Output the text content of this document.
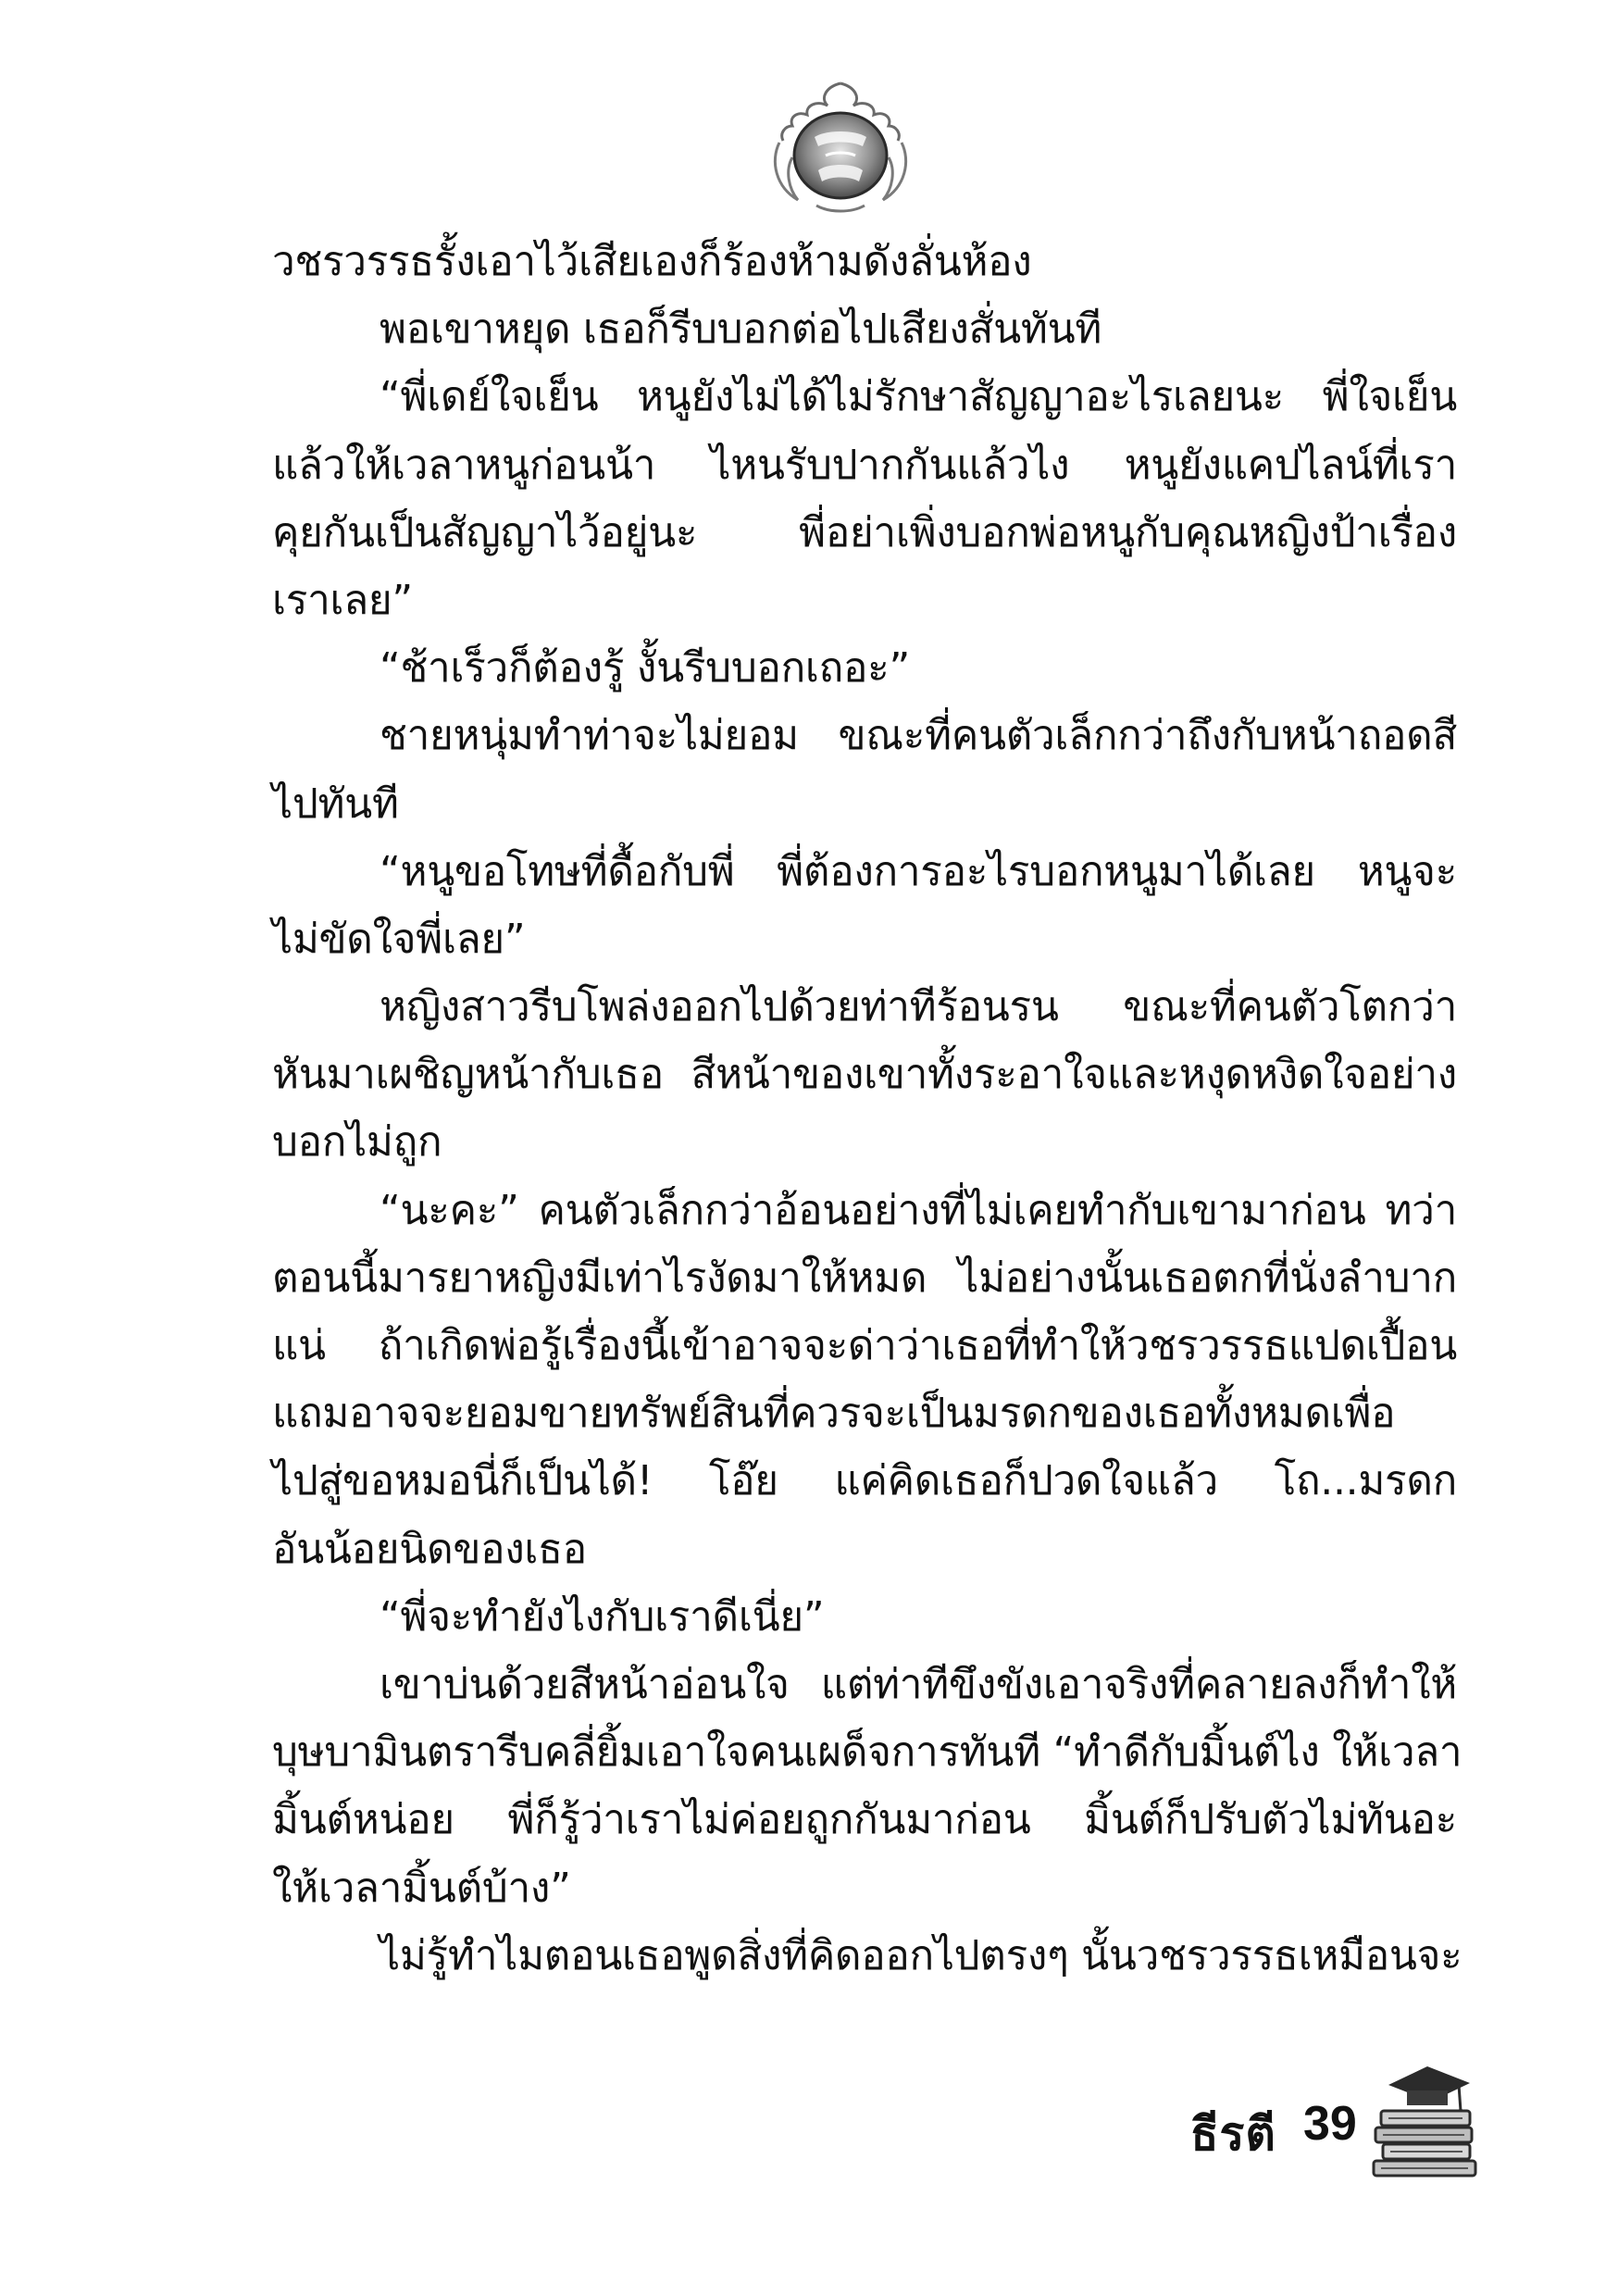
วชรวรรธรั้งเอาไว้เสียเองก็ร้องห้ามดังลั่นห้อง
พอเขาหยุด เธอก็รีบบอกต่อไปเสียงสั่นทันที
“พี่เดย์ใจเย็น หนูยังไม่ได้ไม่รักษาสัญญาอะไรเลยนะ พี่ใจเย็น
แล้วให้เวลาหนูก่อนน้า ไหนรับปากกันแล้วไง หนูยังแคปไลน์ที่เรา
คุยกันเป็นสัญญาไว้อยู่นะ พี่อย่าเพิ่งบอกพ่อหนูกับคุณหญิงป้าเรื่อง
เราเลย”
“ช้าเร็วก็ต้องรู้ งั้นรีบบอกเถอะ”
ชายหนุ่มทำท่าจะไม่ยอม ขณะที่คนตัวเล็กกว่าถึงกับหน้าถอดสี
ไปทันที
“หนูขอโทษที่ดื้อกับพี่ พี่ต้องการอะไรบอกหนูมาได้เลย หนูจะ
ไม่ขัดใจพี่เลย”
หญิงสาวรีบโพล่งออกไปด้วยท่าทีร้อนรน ขณะที่คนตัวโตกว่า
หันมาเผชิญหน้ากับเธอ สีหน้าของเขาทั้งระอาใจและหงุดหงิดใจอย่าง
บอกไม่ถูก
“นะคะ” คนตัวเล็กกว่าอ้อนอย่างที่ไม่เคยทำกับเขามาก่อน ทว่า
ตอนนี้มารยาหญิงมีเท่าไรงัดมาให้หมด ไม่อย่างนั้นเธอตกที่นั่งลำบาก
แน่ ถ้าเกิดพ่อรู้เรื่องนี้เข้าอาจจะด่าว่าเธอที่ทำให้วชรวรรธแปดเปื้อน
แถมอาจจะยอมขายทรัพย์สินที่ควรจะเป็นมรดกของเธอทั้งหมดเพื่อ
ไปสู่ขอหมอนี่ก็เป็นได้! โอ๊ย แค่คิดเธอก็ปวดใจแล้ว โถ...มรดก
อันน้อยนิดของเธอ
“พี่จะทำยังไงกับเราดีเนี่ย”
เขาบ่นด้วยสีหน้าอ่อนใจ แต่ท่าทีขึงขังเอาจริงที่คลายลงก็ทำให้
บุษบามินตรารีบคลี่ยิ้มเอาใจคนเผด็จการทันที “ทำดีกับมิ้นต์ไง ให้เวลา
มิ้นต์หน่อย พี่ก็รู้ว่าเราไม่ค่อยถูกกันมาก่อน มิ้นต์ก็ปรับตัวไม่ทันอะ
ให้เวลามิ้นต์บ้าง”
ไม่รู้ทำไมตอนเธอพูดสิ่งที่คิดออกไปตรงๆ นั้นวชรวรรธเหมือนจะ
ธีรตี 39
